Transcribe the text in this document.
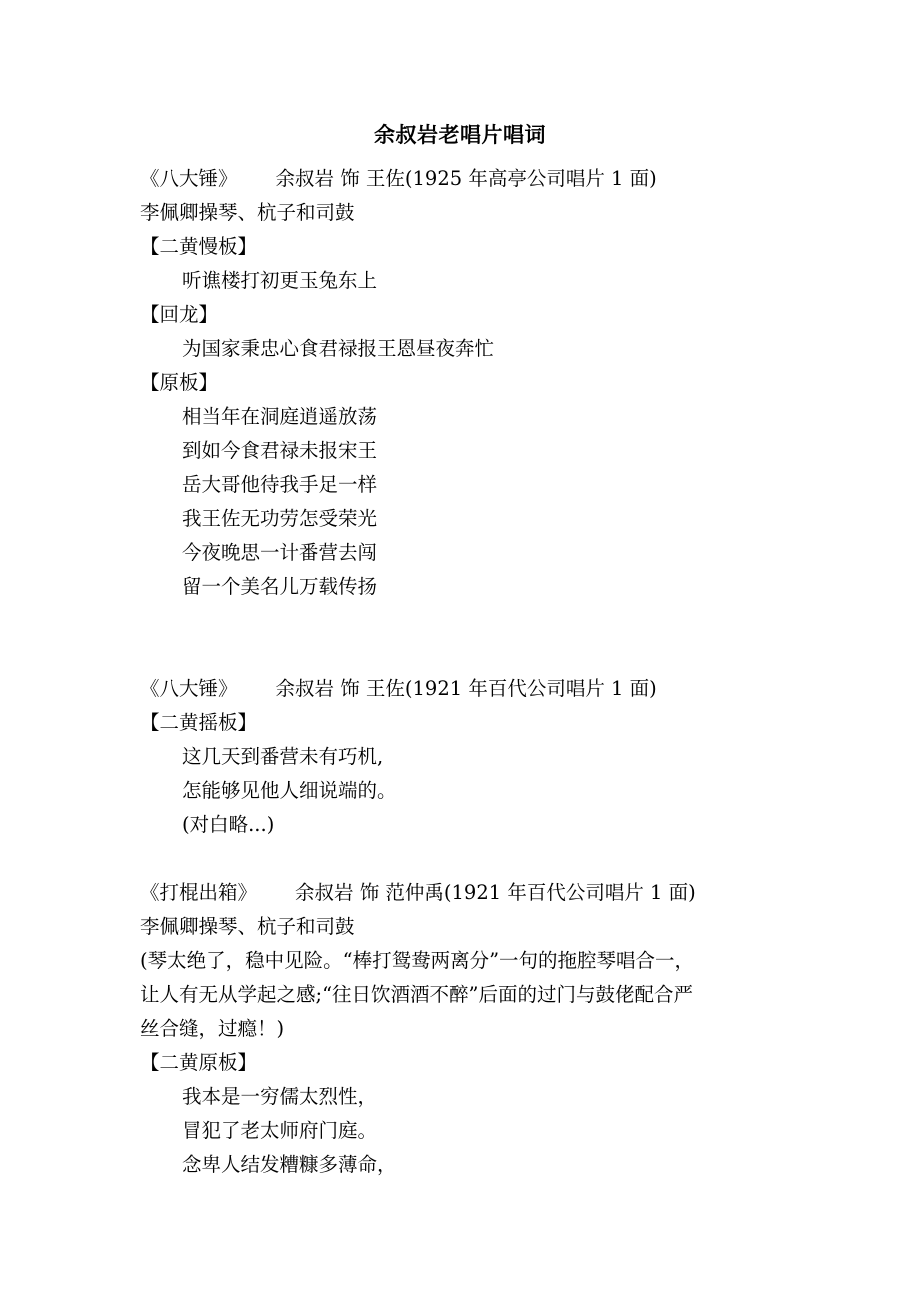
余叔岩老唱片唱词
《八大锤》 余叔岩 饰 王佐(1925 年高亭公司唱片 1 面)
李佩卿操琴、杭子和司鼓
【二黄慢板】
听谯楼打初更玉兔东上
【回龙】
为国家秉忠心食君禄报王恩昼夜奔忙
【原板】
相当年在洞庭逍遥放荡
到如今食君禄未报宋王
岳大哥他待我手足一样
我王佐无功劳怎受荣光
今夜晚思一计番营去闯
留一个美名儿万载传扬
《八大锤》 余叔岩 饰 王佐(1921 年百代公司唱片 1 面)
【二黄摇板】
这几天到番营未有巧机,
怎能够见他人细说端的。
(对白略...)
《打棍出箱》 余叔岩 饰 范仲禹(1921 年百代公司唱片 1 面)
李佩卿操琴、杭子和司鼓
(琴太绝了，稳中见险。“棒打鸳鸯两离分”一句的拖腔琴唱合一，
让人有无从学起之感;“往日饮酒酒不醉”后面的过门与鼓佬配合严
丝合缝，过瘾！)
【二黄原板】
我本是一穷儒太烈性，
冒犯了老太师府门庭。
念卑人结发糟糠多薄命，
